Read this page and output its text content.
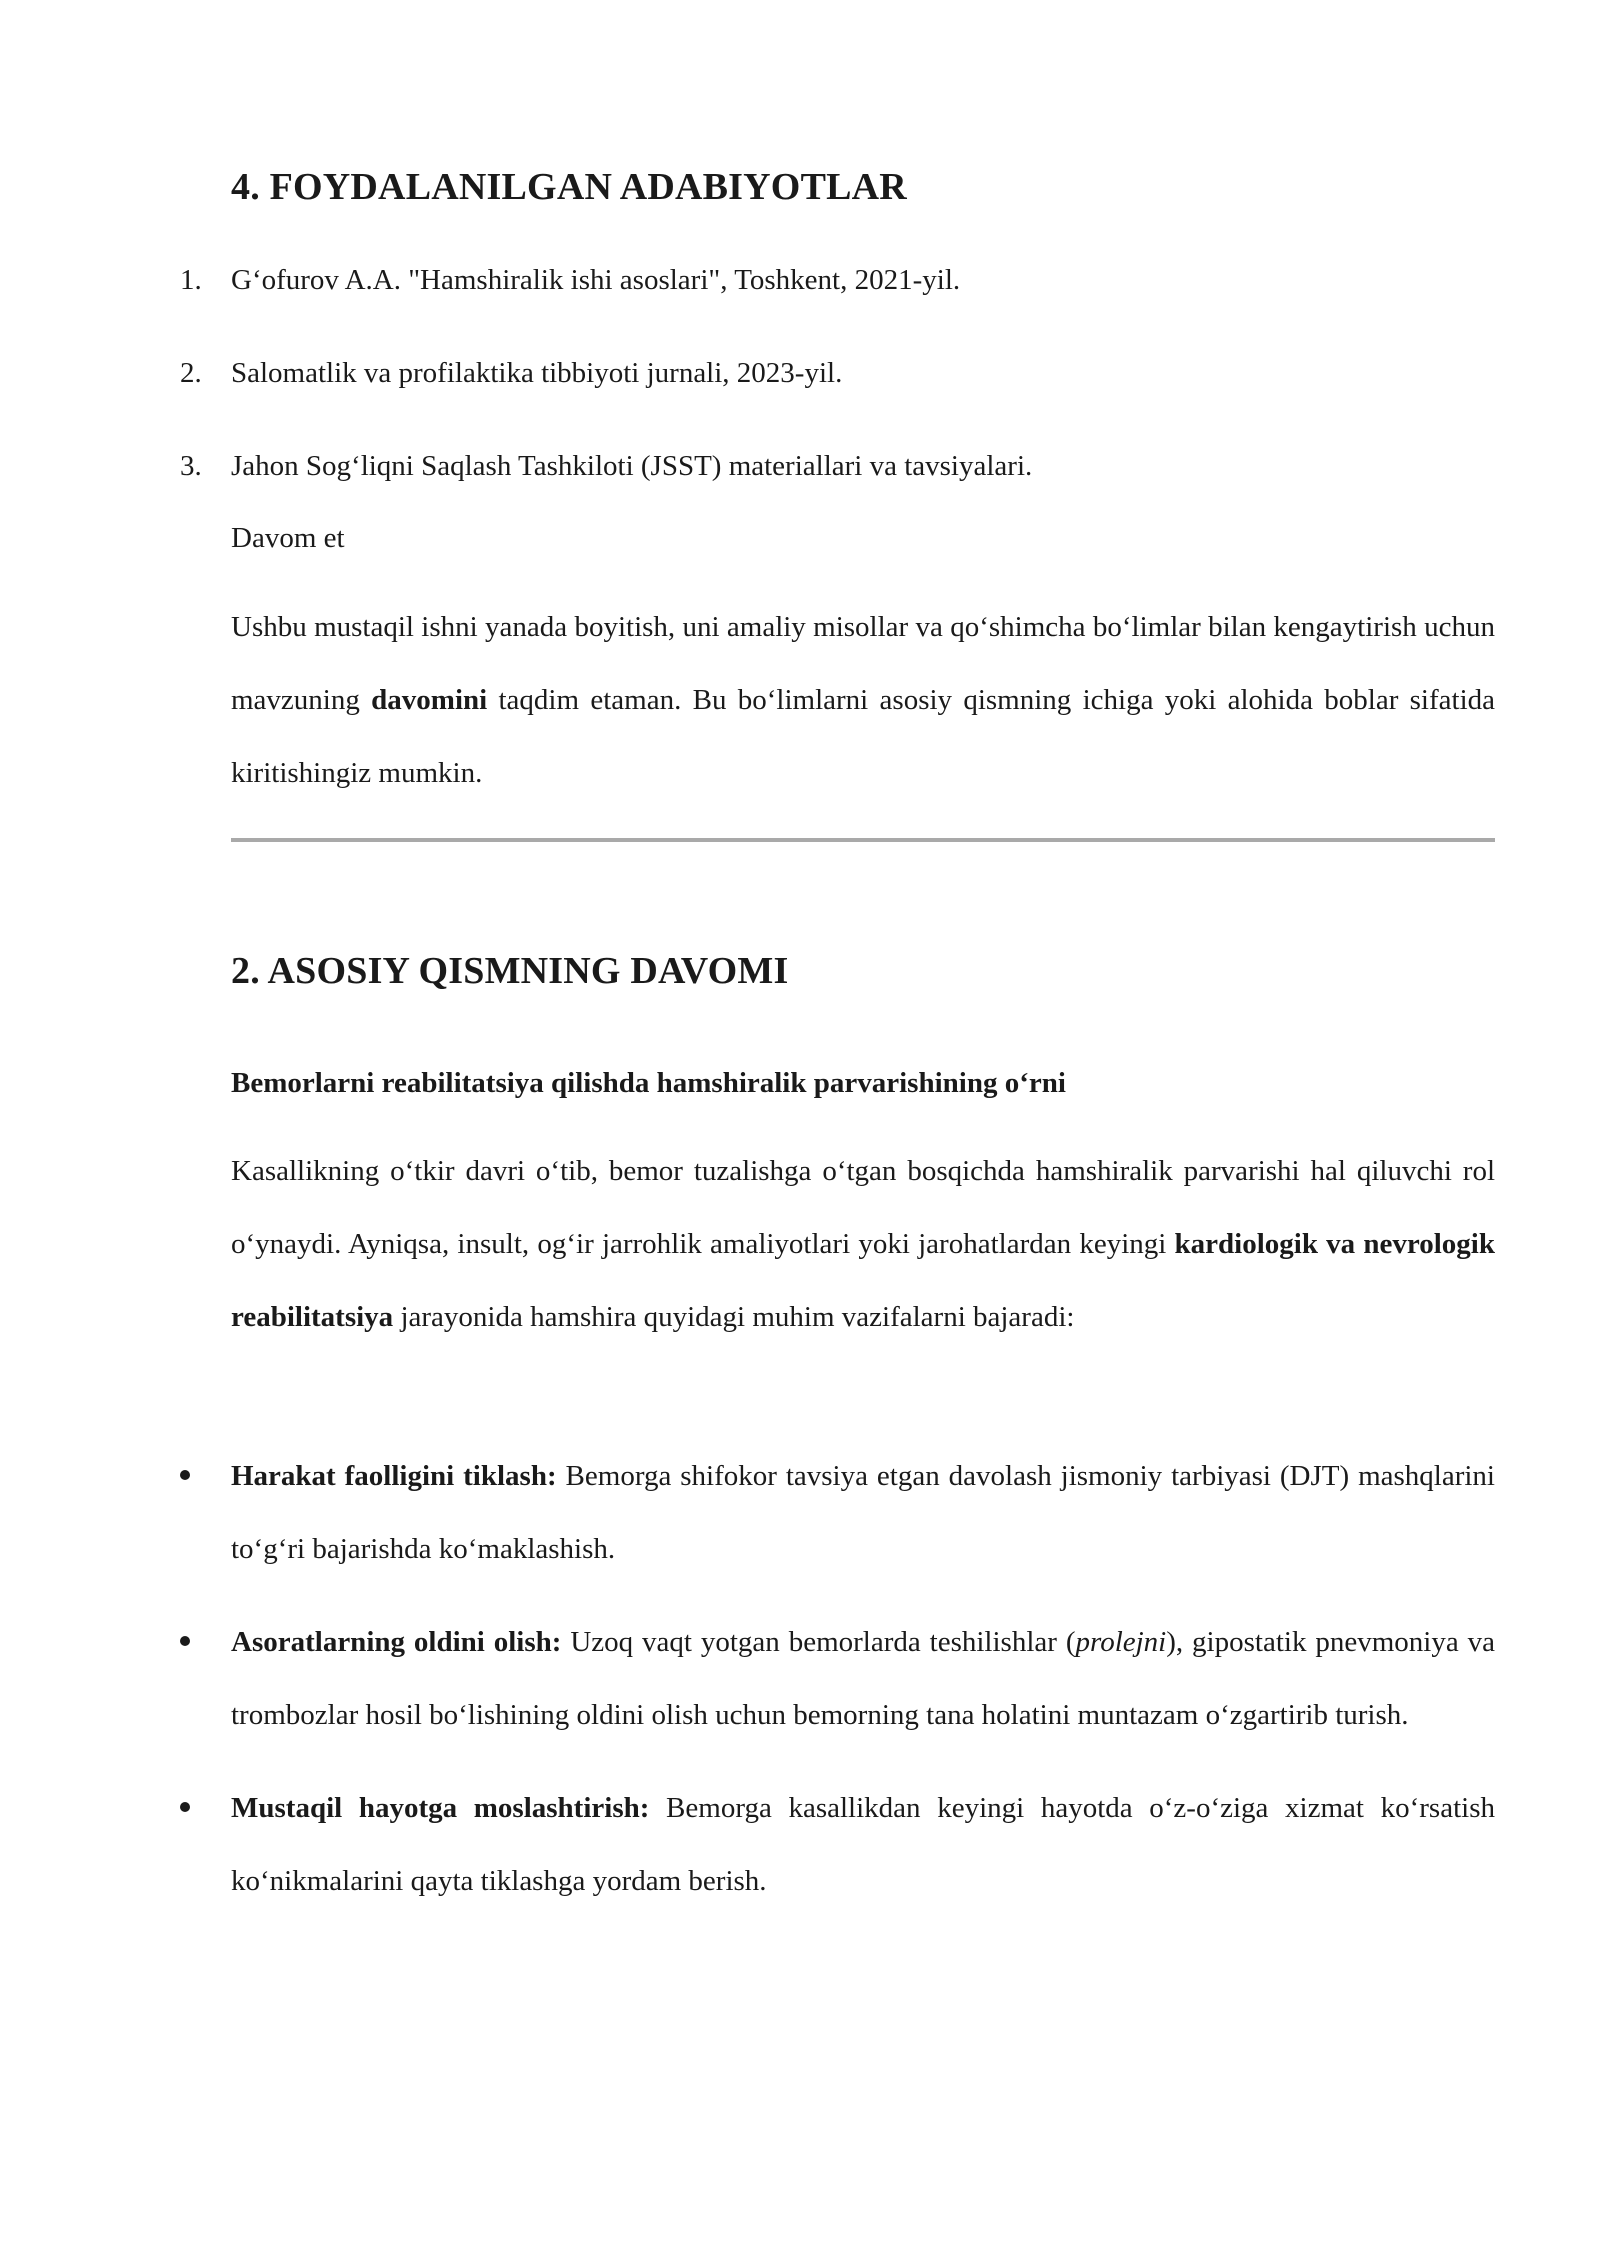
4. FOYDALANILGAN ADABIYOTLAR
1. G‘ofurov A.A. "Hamshiralik ishi asoslari", Toshkent, 2021-yil.
2. Salomatlik va profilaktika tibbiyoti jurnali, 2023-yil.
3. Jahon Sog‘liqni Saqlash Tashkiloti (JSST) materiallari va tavsiyalari.
Davom et

Ushbu mustaqil ishni yanada boyitish, uni amaliy misollar va qo‘shimcha bo‘limlar bilan kengaytirish uchun mavzuning davomini taqdim etaman. Bu bo‘limlarni asosiy qismning ichiga yoki alohida boblar sifatida kiritishingiz mumkin.

2. ASOSIY QISMNING DAVOMI

Bemorlarni reabilitatsiya qilishda hamshiralik parvarishining o‘rni

Kasallikning o‘tkir davri o‘tib, bemor tuzalishga o‘tgan bosqichda hamshiralik parvarishi hal qiluvchi rol o‘ynaydi. Ayniqsa, insult, og‘ir jarrohlik amaliyotlari yoki jarohatlardan keyingi kardiologik va nevrologik reabilitatsiya jarayonida hamshira quyidagi muhim vazifalarni bajaradi:

Harakat faolligini tiklash: Bemorga shifokor tavsiya etgan davolash jismoniy tarbiyasi (DJT) mashqlarini to‘g‘ri bajarishda ko‘maklashish.
Asoratlarning oldini olish: Uzoq vaqt yotgan bemorlarda teshilishlar (prolejni), gipostatik pnevmoniya va trombozlar hosil bo‘lishining oldini olish uchun bemorning tana holatini muntazam o‘zgartirib turish.
Mustaqil hayotga moslashtirish: Bemorga kasallikdan keyingi hayotda o‘z-o‘ziga xizmat ko‘rsatish ko‘nikmalarini qayta tiklashga yordam berish.
